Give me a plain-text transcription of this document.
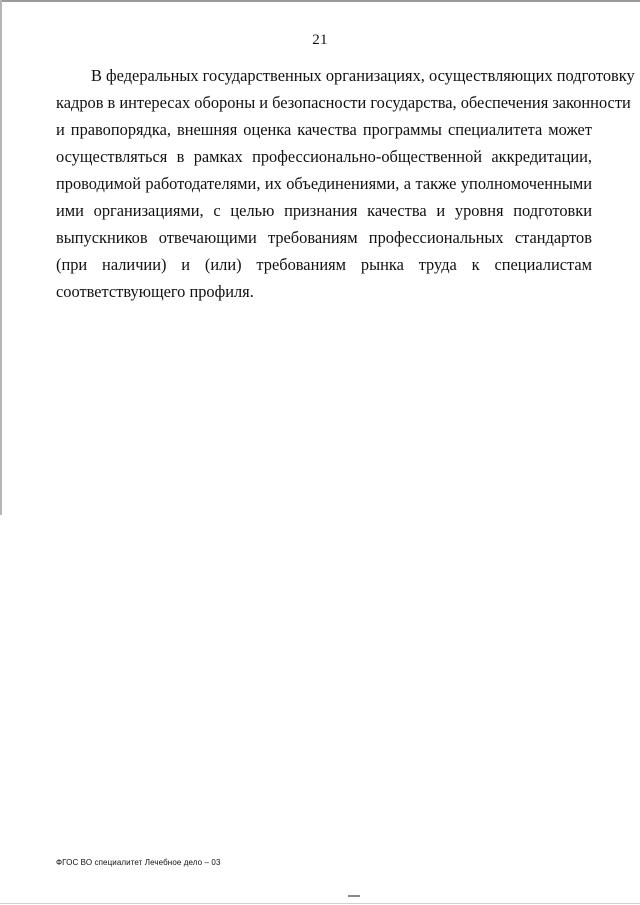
21

В федеральных государственных организациях, осуществляющих подготовку
кадров в интересах обороны и безопасности государства, обеспечения законности
и правопорядка, внешняя оценка качества программы специалитета может
осуществляться в рамках профессионально-общественной аккредитации,
проводимой работодателями, их объединениями, а также уполномоченными
ими организациями, с целью признания качества и уровня подготовки
выпускников отвечающими требованиям профессиональных стандартов
(при наличии) и (или) требованиям рынка труда к специалистам
соответствующего профиля.

ФГОС ВО специалитет Лечебное дело – 03
